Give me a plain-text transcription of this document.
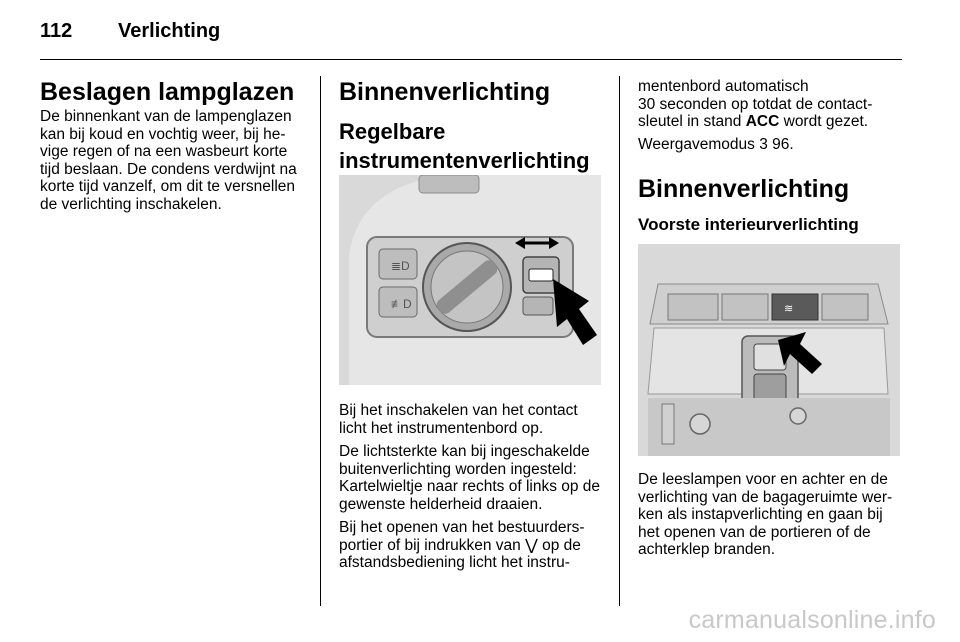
112 Verlichting
Beslagen lampglazen
De binnenkant van de lampenglazen
kan bij koud en vochtig weer, bij he-
vige regen of na een wasbeurt korte
tijd beslaan. De condens verdwijnt na
korte tijd vanzelf, om dit te versnellen
de verlichting inschakelen.
Binnenverlichting
Regelbare
instrumentenverlichting
≣D
≢D
Bij het inschakelen van het contact
licht het instrumentenbord op.
De lichtsterkte kan bij ingeschakelde
buitenverlichting worden ingesteld:
Kartelwieltje naar rechts of links op de
gewenste helderheid draaien.
Bij het openen van het bestuurders-
portier of bij indrukken van ⋁ op de
afstandsbediening licht het instru-
mentenbord automatisch
30 seconden op totdat de contact-
sleutel in stand ACC wordt gezet.
Weergavemodus 3 96.
Binnenverlichting
Voorste interieurverlichting
≋
De leeslampen voor en achter en de
verlichting van de bagageruimte wer-
ken als instapverlichting en gaan bij
het openen van de portieren of de
achterklep branden.
carmanualsonline.info
